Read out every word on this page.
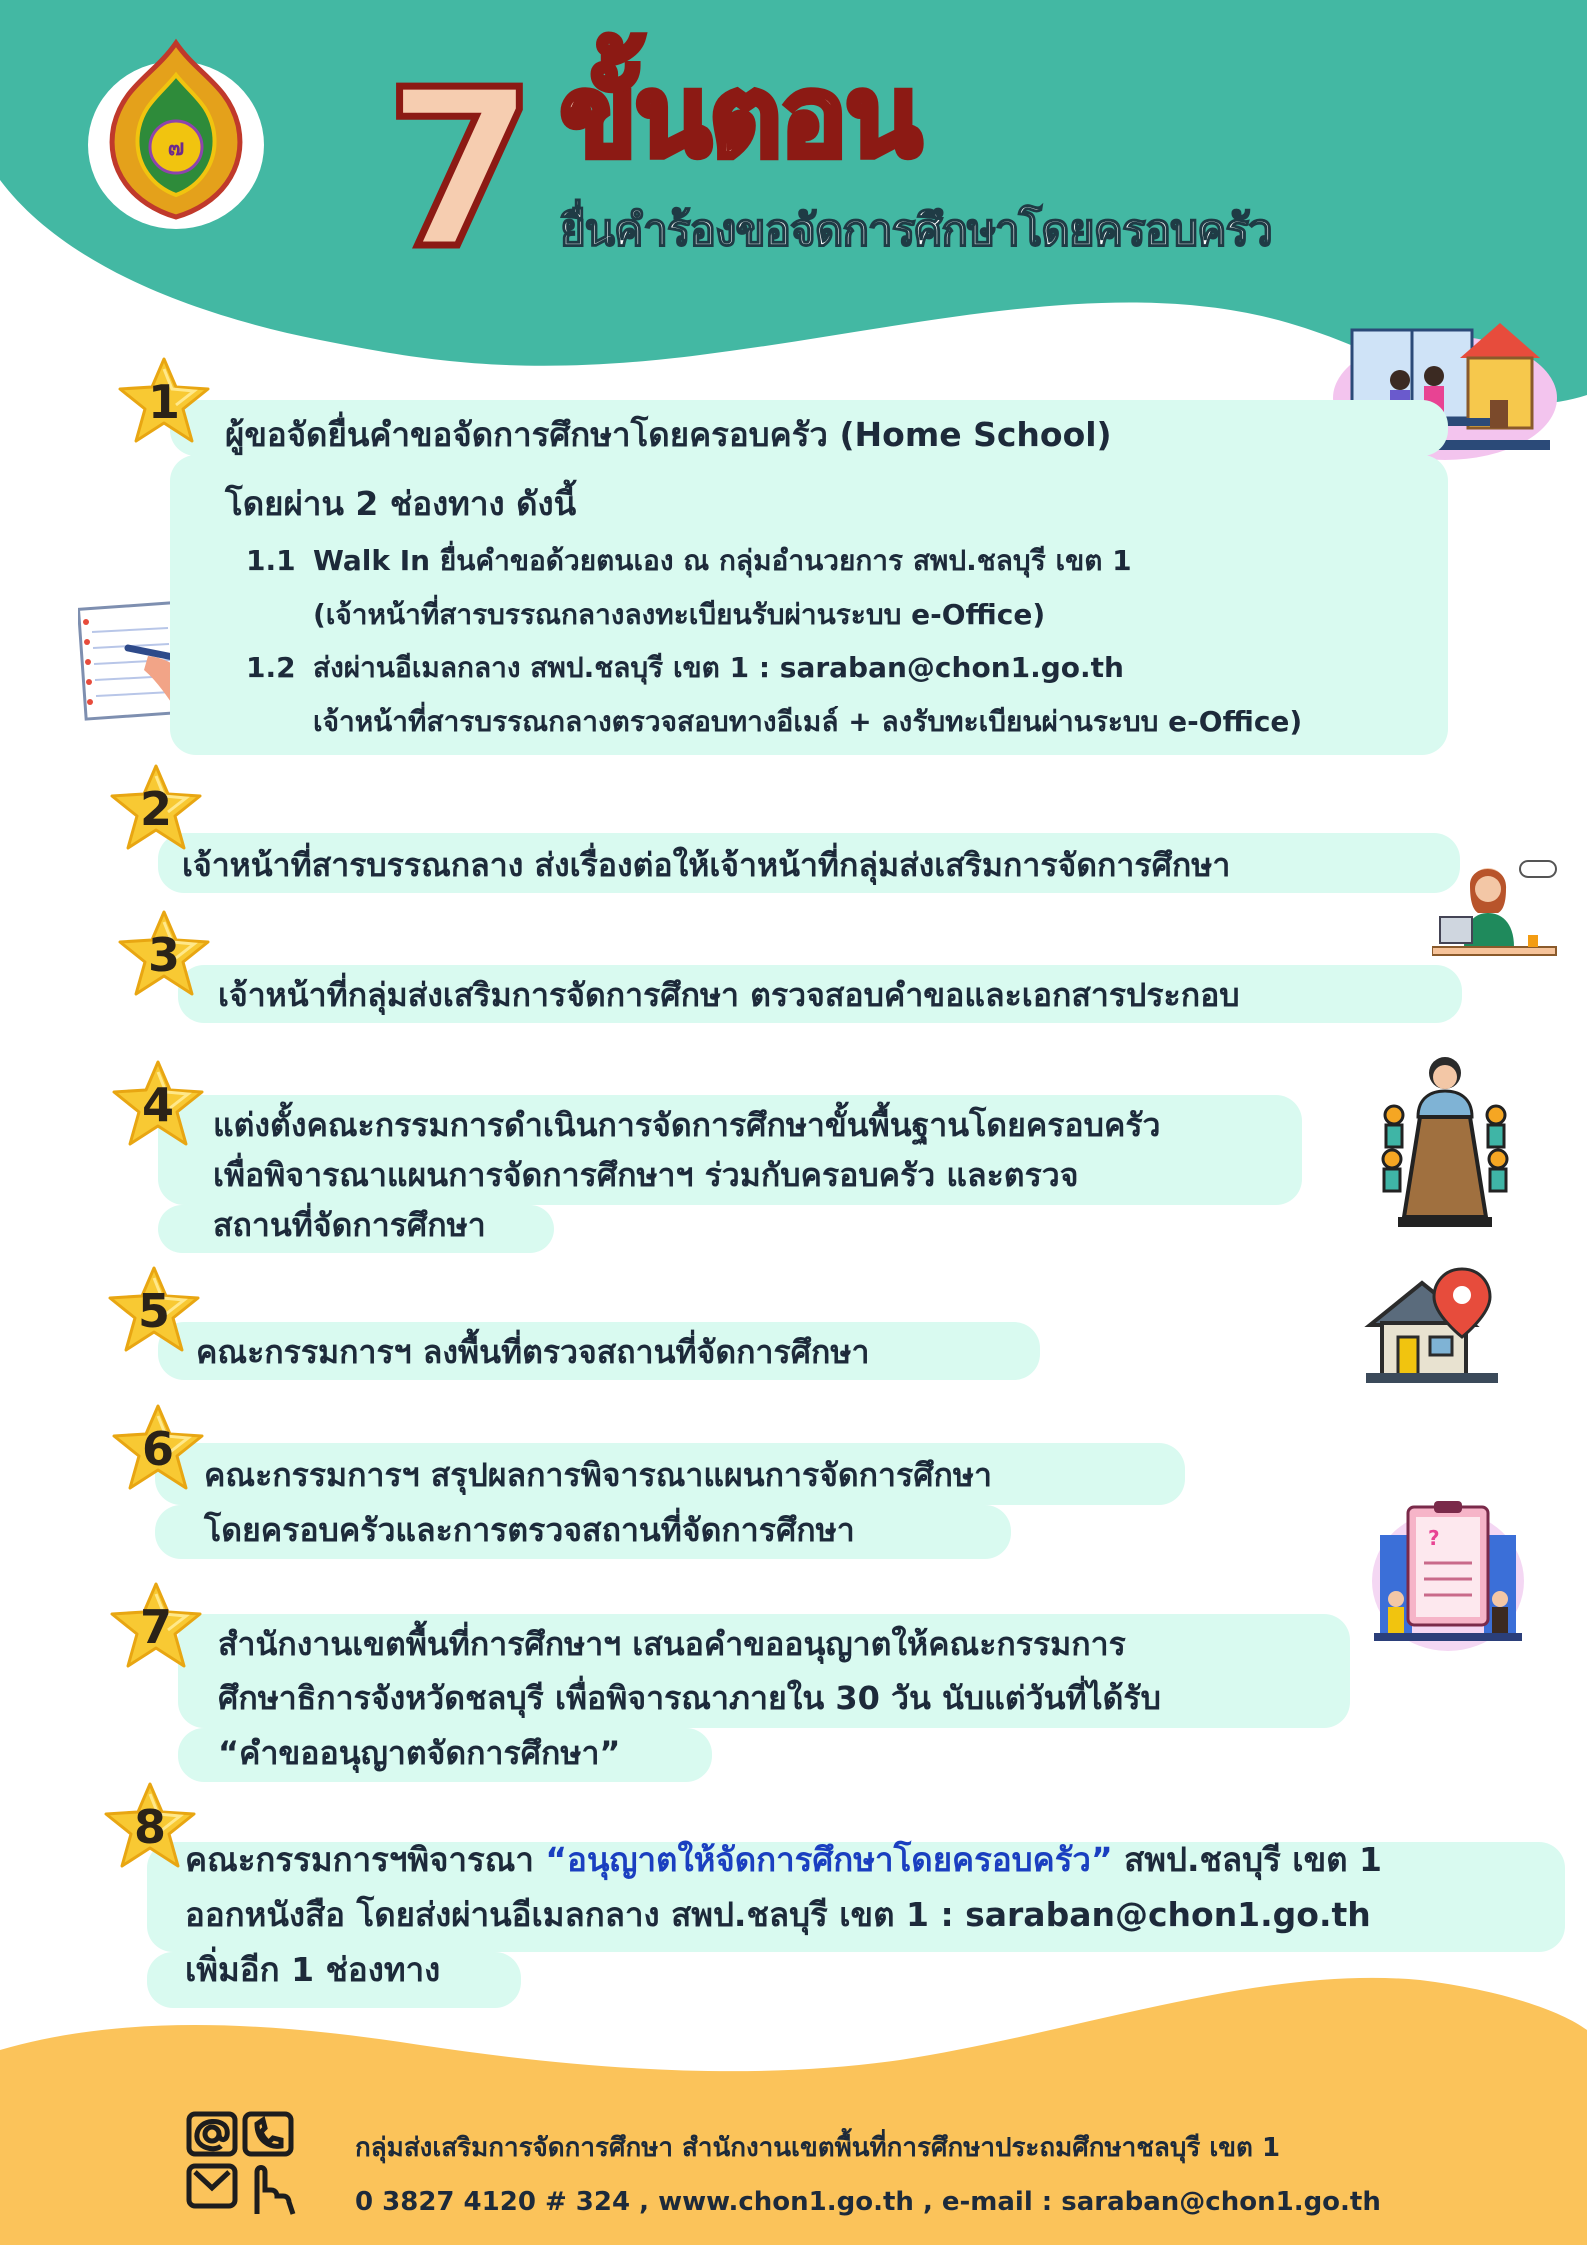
๗ 7 ขั้นตอน
ยื่นคำร้องขอจัดการศึกษาโดยครอบครัว
?
1
ผู้ขอจัดยื่นคำขอจัดการศึกษาโดยครอบครัว (Home School)
โดยผ่าน 2 ช่องทาง ดังนี้
1.1 Walk In ยื่นคำขอด้วยตนเอง ณ กลุ่มอำนวยการ สพป.ชลบุรี เขต 1
(เจ้าหน้าที่สารบรรณกลางลงทะเบียนรับผ่านระบบ e-Office)
1.2 ส่งผ่านอีเมลกลาง สพป.ชลบุรี เขต 1 : saraban@chon1.go.th
เจ้าหน้าที่สารบรรณกลางตรวจสอบทางอีเมล์ + ลงรับทะเบียนผ่านระบบ e-Office)
2
เจ้าหน้าที่สารบรรณกลาง ส่งเรื่องต่อให้เจ้าหน้าที่กลุ่มส่งเสริมการจัดการศึกษา
3
เจ้าหน้าที่กลุ่มส่งเสริมการจัดการศึกษา ตรวจสอบคำขอและเอกสารประกอบ
4	แต่งตั้งคณะกรรมการดำเนินการจัดการศึกษาขั้นพื้นฐานโดยครอบครัว
เพื่อพิจารณาแผนการจัดการศึกษาฯ ร่วมกับครอบครัว และตรวจ
สถานที่จัดการศึกษา
5
คณะกรรมการฯ ลงพื้นที่ตรวจสถานที่จัดการศึกษา
6 คณะกรรมการฯ สรุปผลการพิจารณาแผนการจัดการศึกษา
โดยครอบครัวและการตรวจสถานที่จัดการศึกษา
7	สำนักงานเขตพื้นที่การศึกษาฯ เสนอคำขออนุญาตให้คณะกรรมการ
ศึกษาธิการจังหวัดชลบุรี เพื่อพิจารณาภายใน 30 วัน นับแต่วันที่ได้รับ
“คำขออนุญาตจัดการศึกษา”
8
ออกหนังสือ โดยส่งผ่านอีเมลกลาง สพป.ชลบุรี เขต 1 : saraban@chon1.go.th
เพิ่มอีก 1 ช่องทาง
คณะกรรมการฯพิจารณา “อนุญาตให้จัดการศึกษาโดยครอบครัว” สพป.ชลบุรี เขต 1
กลุ่มส่งเสริมการจัดการศึกษา สำนักงานเขตพื้นที่การศึกษาประถมศึกษาชลบุรี เขต 1
0 3827 4120 # 324 , www.chon1.go.th , e-mail : saraban@chon1.go.th
